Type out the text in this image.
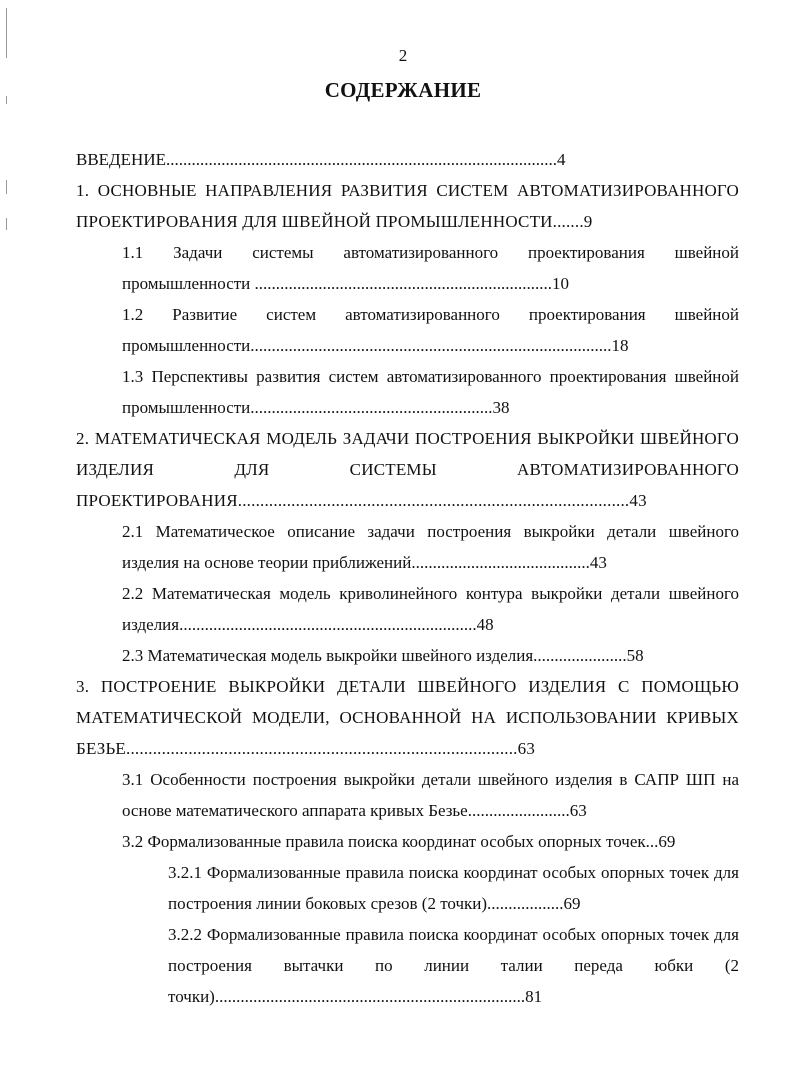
2
СОДЕРЖАНИЕ
ВВЕДЕНИЕ............................................................................................4
1. ОСНОВНЫЕ НАПРАВЛЕНИЯ РАЗВИТИЯ СИСТЕМ АВТОМАТИЗИРОВАННОГО ПРОЕКТИРОВАНИЯ ДЛЯ ШВЕЙНОЙ ПРОМЫШЛЕННОСТИ.......9
1.1 Задачи системы автоматизированного проектирования швейной промышленности ......................................................................10
1.2 Развитие систем автоматизированного проектирования швейной промышленности.....................................................................................18
1.3 Перспективы развития систем автоматизированного проектирования швейной промышленности.........................................................38
2. МАТЕМАТИЧЕСКАЯ МОДЕЛЬ ЗАДАЧИ ПОСТРОЕНИЯ ВЫКРОЙКИ ШВЕЙНОГО ИЗДЕЛИЯ ДЛЯ СИСТЕМЫ АВТОМАТИЗИРОВАННОГО ПРОЕКТИРОВАНИЯ........................................................................................43
2.1 Математическое описание задачи построения выкройки детали швейного изделия на основе теории приближений..........................................43
2.2 Математическая модель криволинейного контура выкройки детали швейного изделия......................................................................48
2.3 Математическая модель выкройки швейного изделия......................58
3. ПОСТРОЕНИЕ ВЫКРОЙКИ ДЕТАЛИ ШВЕЙНОГО ИЗДЕЛИЯ С ПОМОЩЬЮ МАТЕМАТИЧЕСКОЙ МОДЕЛИ, ОСНОВАННОЙ НА ИСПОЛЬЗОВАНИИ КРИВЫХ БЕЗЬЕ........................................................................................63
3.1 Особенности построения выкройки детали швейного изделия в САПР ШП на основе математического аппарата кривых Безье........................63
3.2 Формализованные правила поиска координат особых опорных точек...69
3.2.1 Формализованные правила поиска координат особых опорных точек для построения линии боковых срезов (2 точки)..................69
3.2.2 Формализованные правила поиска координат особых опорных точек для построения вытачки по линии талии переда юбки (2 точки).........................................................................81
